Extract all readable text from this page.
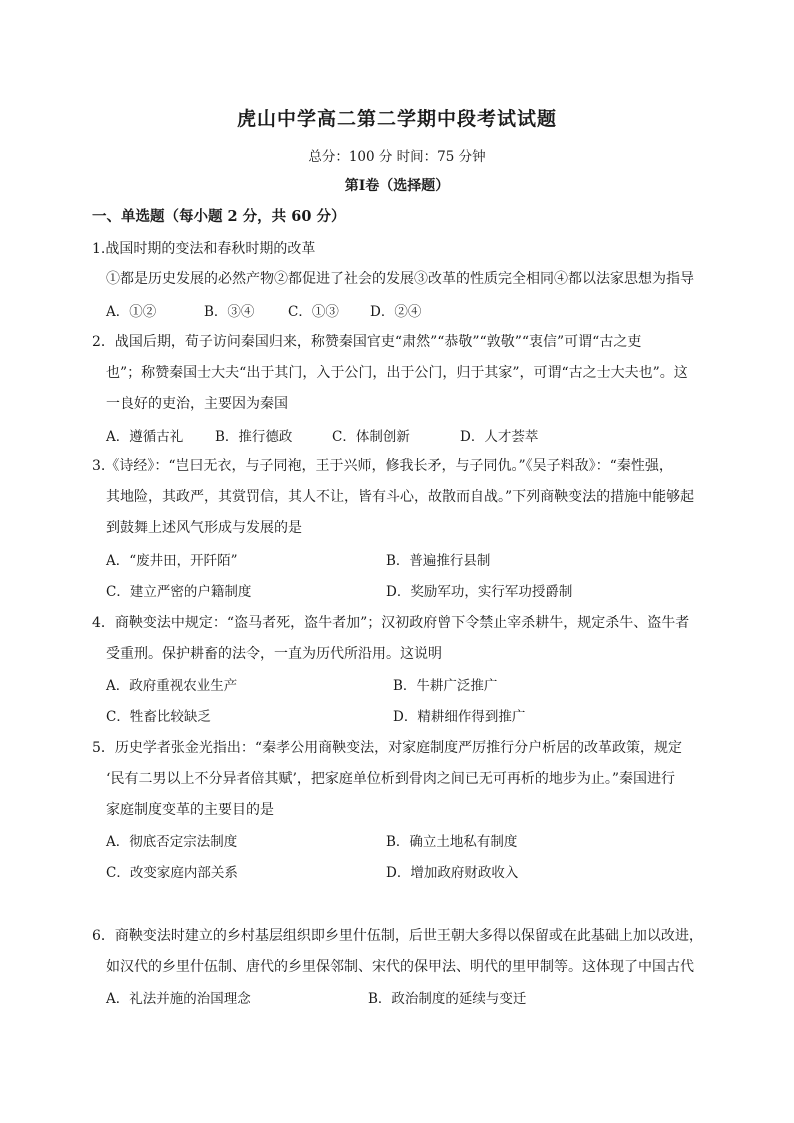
虎山中学高二第二学期中段考试试题
总分：100 分 时间：75 分钟
第Ⅰ卷（选择题）
一、单选题（每小题 2 分，共 60 分）
1.战国时期的变法和春秋时期的改革
①都是历史发展的必然产物②都促进了社会的发展③改革的性质完全相同④都以法家思想为指导
A．①②	B．③④ C．①③ D．②④
2．战国后期，荀子访问秦国归来，称赞秦国官吏“肃然”“恭敬”“敦敬”“衷信”可谓“古之吏
也”；称赞秦国士大夫“出于其门，入于公门，出于公门，归于其家”，可谓“古之士大夫也”。这
一良好的吏治，主要因为秦国
A．遵循古礼 B．推行德政	C．体制创新	D．人才荟萃
3.《诗经》：“岂曰无衣，与子同袍，王于兴师，修我长矛，与子同仇。”《吴子料敌》：“秦性强，
其地险，其政严，其赏罚信，其人不让，皆有斗心，故散而自战。”下列商鞅变法的措施中能够起
到鼓舞上述风气形成与发展的是
A．“废井田，开阡陌”	B．普遍推行县制
C．建立严密的户籍制度	D．奖励军功，实行军功授爵制
4．商鞅变法中规定：“盗马者死，盗牛者加”；汉初政府曾下令禁止宰杀耕牛，规定杀牛、盗牛者
受重刑。保护耕畜的法令，一直为历代所沿用。这说明
A．政府重视农业生产	B．牛耕广泛推广
C．牲畜比较缺乏	D．精耕细作得到推广
5．历史学者张金光指出：“秦孝公用商鞅变法，对家庭制度严厉推行分户析居的改革政策，规定
‘民有二男以上不分异者倍其赋’，把家庭单位析到骨肉之间已无可再析的地步为止。”秦国进行
家庭制度变革的主要目的是
A．彻底否定宗法制度	B．确立土地私有制度
C．改变家庭内部关系	D．增加政府财政收入
6．商鞅变法时建立的乡村基层组织即乡里什伍制，后世王朝大多得以保留或在此基础上加以改进，
如汉代的乡里什伍制、唐代的乡里保邻制、宋代的保甲法、明代的里甲制等。这体现了中国古代
A．礼法并施的治国理念	B．政治制度的延续与变迁
